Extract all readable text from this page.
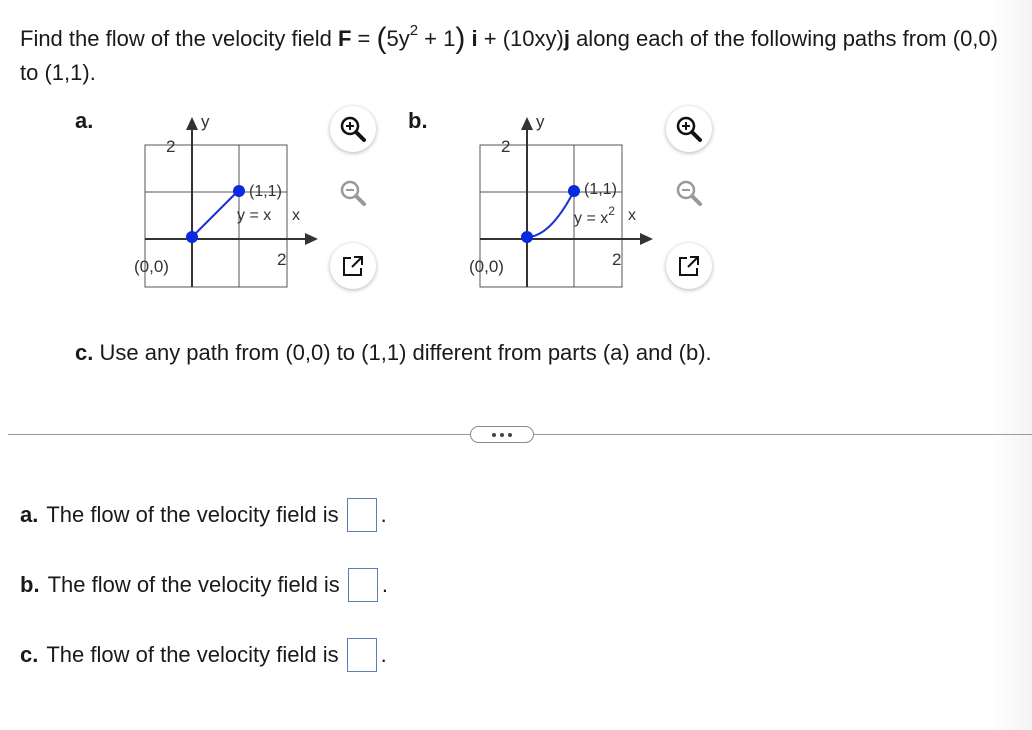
Find the flow of the velocity field $F = (5y^2 + 1) i + (10xy)j$ along each of the following paths from (0,0) to (1,1).
a.	y
2
(1,1)
y = x x
2
(0,0)
b.	y
2
(1,1)
$y = x^2$ x
2
(0,0)
c. Use any path from (0,0) to (1,1) different from parts (a) and (b).
a. The flow of the velocity field is .
b. The flow of the velocity field is .
c. The flow of the velocity field is .
